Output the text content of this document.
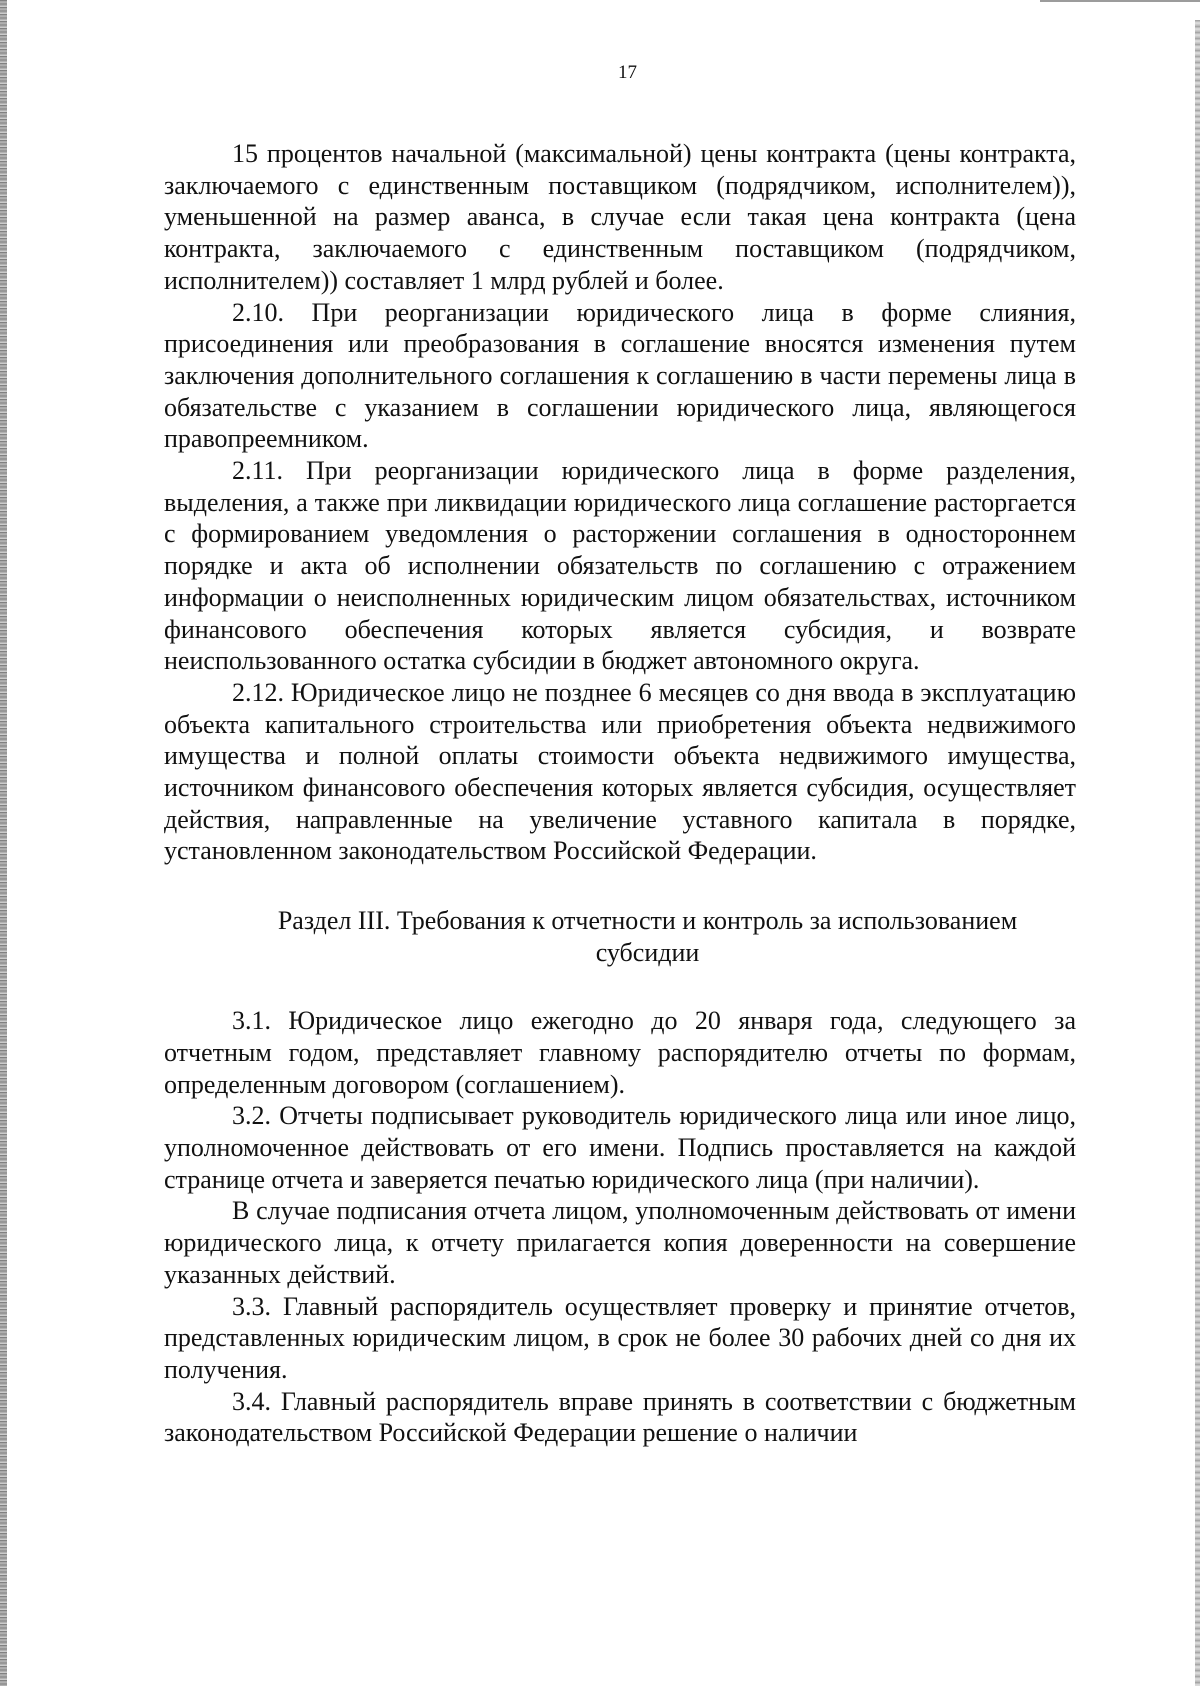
17

15 процентов начальной (максимальной) цены контракта (цены контракта, заключаемого с единственным поставщиком (подрядчиком, исполнителем)), уменьшенной на размер аванса, в случае если такая цена контракта (цена контракта, заключаемого с единственным поставщиком (подрядчиком, исполнителем)) составляет 1 млрд рублей и более.

2.10. При реорганизации юридического лица в форме слияния, присоединения или преобразования в соглашение вносятся изменения путем заключения дополнительного соглашения к соглашению в части перемены лица в обязательстве с указанием в соглашении юридического лица, являющегося правопреемником.

2.11. При реорганизации юридического лица в форме разделения, выделения, а также при ликвидации юридического лица соглашение расторгается с формированием уведомления о расторжении соглашения в одностороннем порядке и акта об исполнении обязательств по соглашению с отражением информации о неисполненных юридическим лицом обязательствах, источником финансового обеспечения которых является субсидия, и возврате неиспользованного остатка субсидии в бюджет автономного округа.

2.12. Юридическое лицо не позднее 6 месяцев со дня ввода в эксплуатацию объекта капитального строительства или приобретения объекта недвижимого имущества и полной оплаты стоимости объекта недвижимого имущества, источником финансового обеспечения которых является субсидия, осуществляет действия, направленные на увеличение уставного капитала в порядке, установленном законодательством Российской Федерации.

Раздел III. Требования к отчетности и контроль за использованием субсидии

3.1. Юридическое лицо ежегодно до 20 января года, следующего за отчетным годом, представляет главному распорядителю отчеты по формам, определенным договором (соглашением).

3.2. Отчеты подписывает руководитель юридического лица или иное лицо, уполномоченное действовать от его имени. Подпись проставляется на каждой странице отчета и заверяется печатью юридического лица (при наличии).

В случае подписания отчета лицом, уполномоченным действовать от имени юридического лица, к отчету прилагается копия доверенности на совершение указанных действий.

3.3. Главный распорядитель осуществляет проверку и принятие отчетов, представленных юридическим лицом, в срок не более 30 рабочих дней со дня их получения.

3.4. Главный распорядитель вправе принять в соответствии с бюджетным законодательством Российской Федерации решение о наличии
